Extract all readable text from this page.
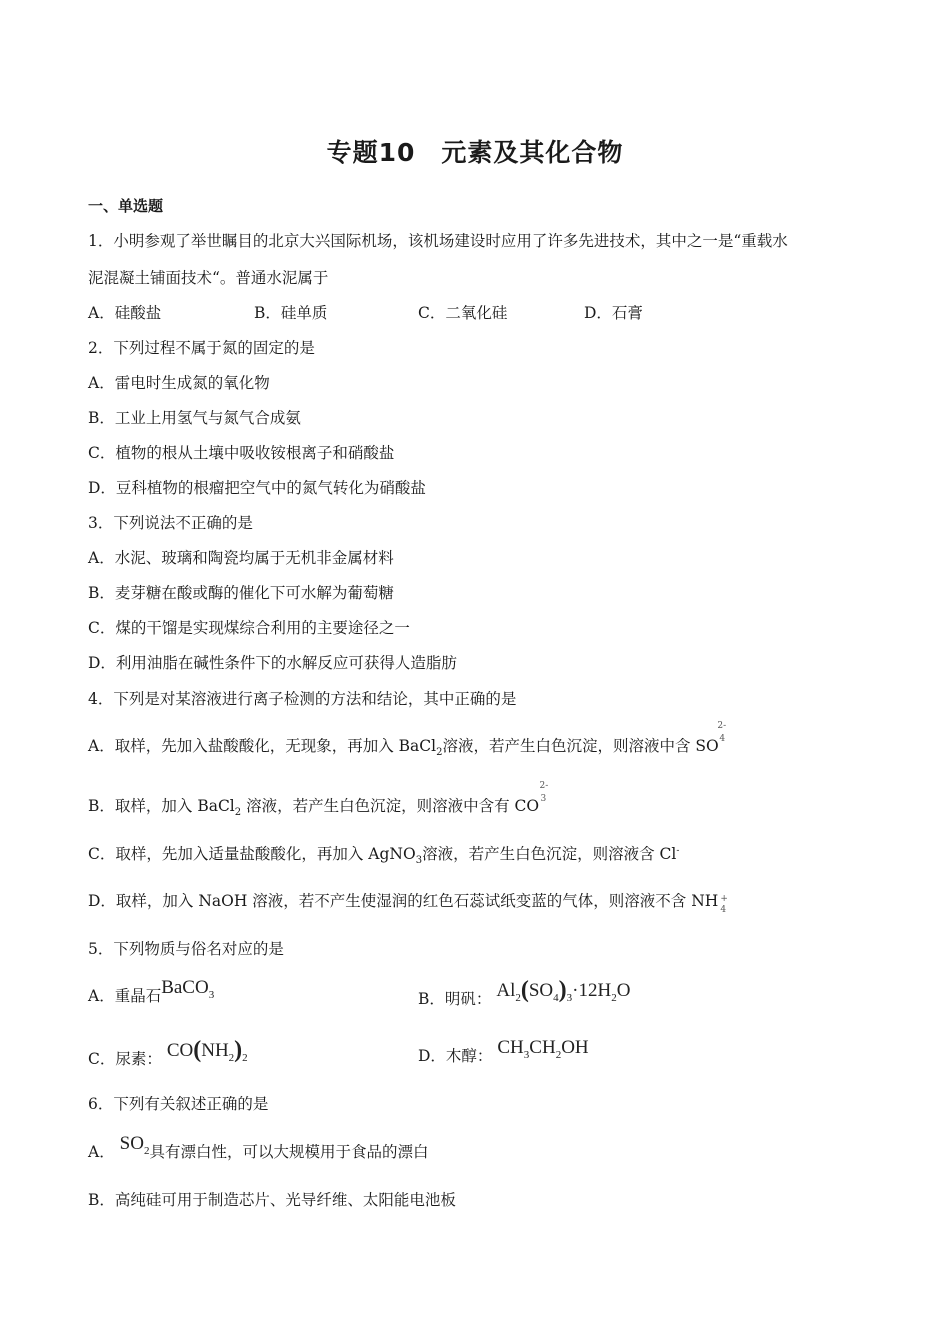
专题10　元素及其化合物
一、单选题
1．小明参观了举世瞩目的北京大兴国际机场，该机场建设时应用了许多先进技术，其中之一是“重载水
泥混凝土铺面技术“。普通水泥属于
A．硅酸盐	B．硅单质	C．二氧化硅	D．石膏
2．下列过程不属于氮的固定的是
A．雷电时生成氮的氧化物
B．工业上用氢气与氮气合成氨
C．植物的根从土壤中吸收铵根离子和硝酸盐
D．豆科植物的根瘤把空气中的氮气转化为硝酸盐
3．下列说法不正确的是
A．水泥、玻璃和陶瓷均属于无机非金属材料
B．麦芽糖在酸或酶的催化下可水解为葡萄糖
C．煤的干馏是实现煤综合利用的主要途径之一
D．利用油脂在碱性条件下的水解反应可获得人造脂肪
4．下列是对某溶液进行离子检测的方法和结论，其中正确的是
A．取样，先加入盐酸酸化，无现象，再加入 BaCl$_2$溶液，若产生白色沉淀，则溶液中含 SO
2-
4
B．取样，加入 BaCl$_2$ 溶液，若产生白色沉淀，则溶液中含有 CO
2-
3
C．取样，先加入适量盐酸酸化，再加入 AgNO$_3$溶液，若产生白色沉淀，则溶液含 Cl-
D．取样，加入 NaOH 溶液，若不产生使湿润的红色石蕊试纸变蓝的气体，则溶液不含 NH +
4
5．下列物质与俗名对应的是
A．重晶石BaCO$_3$	B．明矾： $Al_2(SO_4)_3\cdot 12H_2O$
C．尿素： $CO(NH_2)_2$	D．木醇： $CH_3CH_2OH$
6．下列有关叙述正确的是
A． $SO_2$具有漂白性，可以大规模用于食品的漂白
B．高纯硅可用于制造芯片、光导纤维、太阳能电池板
